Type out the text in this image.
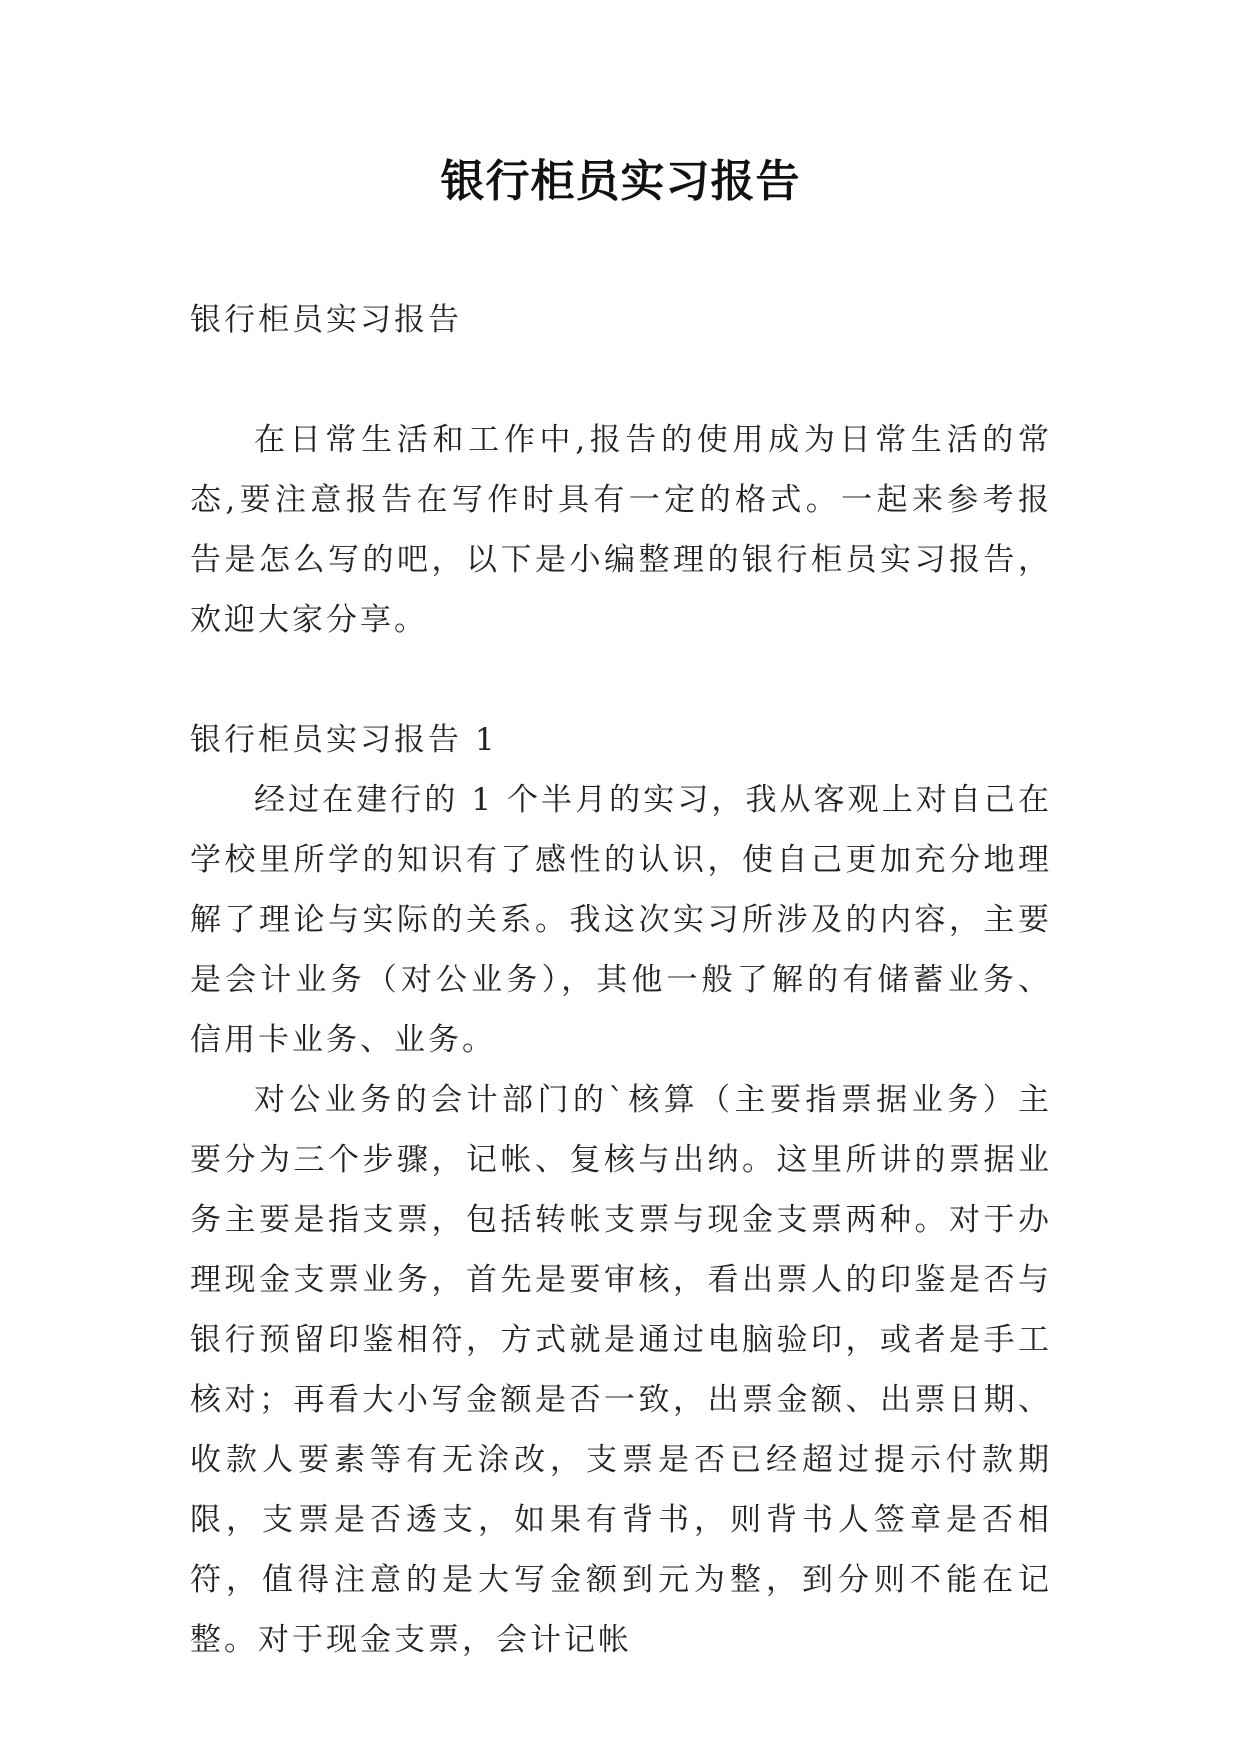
银行柜员实习报告

银行柜员实习报告

在日常生活和工作中,报告的使用成为日常生活的常态,要注意报告在写作时具有一定的格式。一起来参考报告是怎么写的吧，以下是小编整理的银行柜员实习报告，欢迎大家分享。

银行柜员实习报告 1

经过在建行的 1 个半月的实习，我从客观上对自己在学校里所学的知识有了感性的认识，使自己更加充分地理解了理论与实际的关系。我这次实习所涉及的内容，主要是会计业务（对公业务），其他一般了解的有储蓄业务、信用卡业务、业务。

对公业务的会计部门的`核算（主要指票据业务）主要分为三个步骤，记帐、复核与出纳。这里所讲的票据业务主要是指支票，包括转帐支票与现金支票两种。对于办理现金支票业务，首先是要审核，看出票人的印鉴是否与银行预留印鉴相符，方式就是通过电脑验印，或者是手工核对；再看大小写金额是否一致，出票金额、出票日期、收款人要素等有无涂改，支票是否已经超过提示付款期限，支票是否透支，如果有背书，则背书人签章是否相符，值得注意的是大写金额到元为整，到分则不能在记整。对于现金支票，会计记帐
